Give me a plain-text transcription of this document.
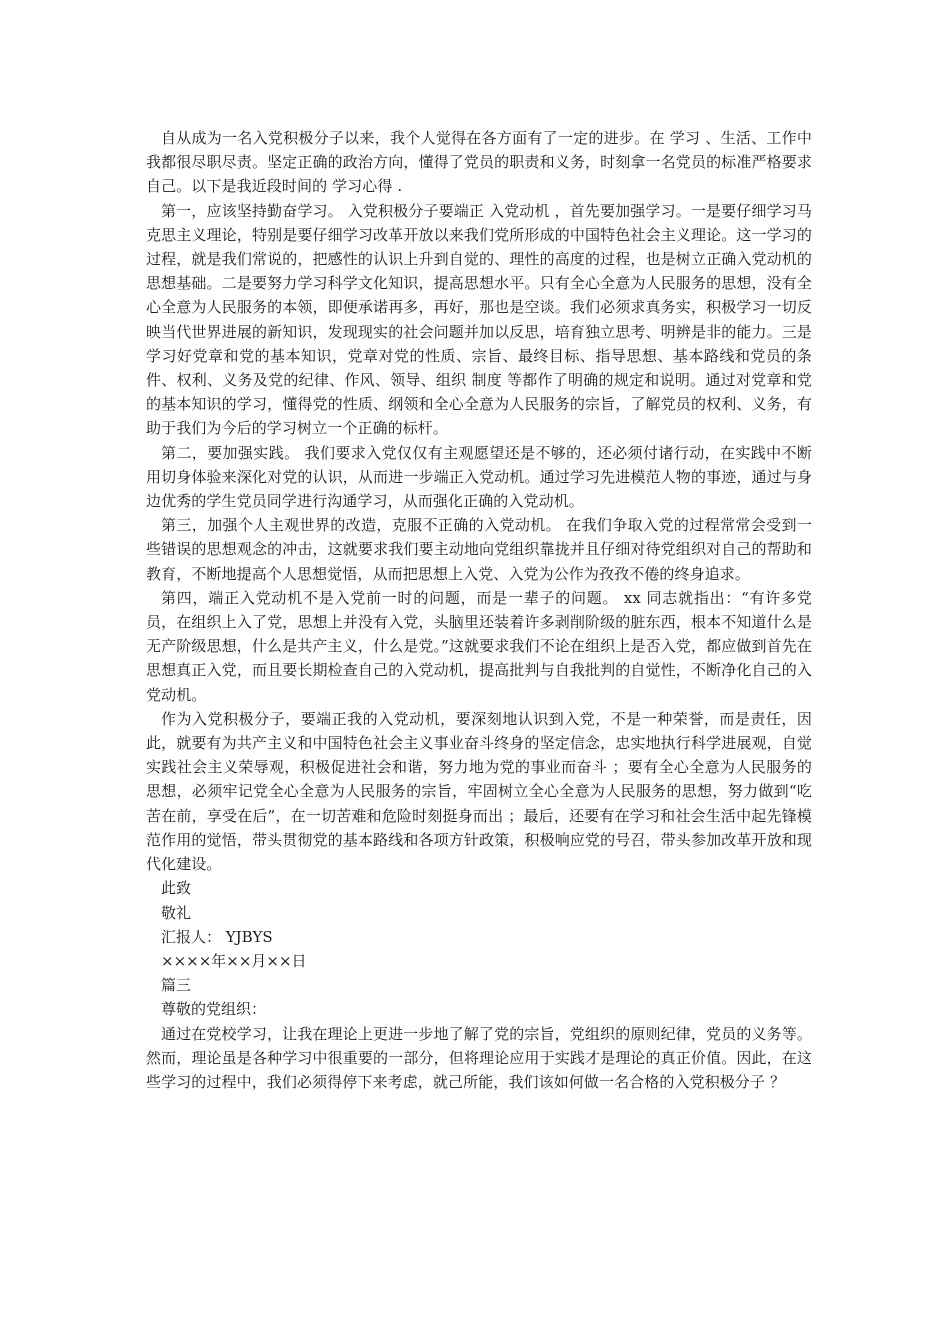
自从成为一名入党积极分子以来，我个人觉得在各方面有了一定的进步。在 学习 、生活、工作中我都很尽职尽责。坚定正确的政治方向，懂得了党员的职责和义务，时刻拿一名党员的标准严格要求自己。以下是我近段时间的 学习心得 .

第一，应该坚持勤奋学习。 入党积极分子要端正 入党动机 ，首先要加强学习。一是要仔细学习马克思主义理论，特别是要仔细学习改革开放以来我们党所形成的中国特色社会主义理论。这一学习的过程，就是我们常说的，把感性的认识上升到自觉的、理性的高度的过程，也是树立正确入党动机的思想基础。二是要努力学习科学文化知识，提高思想水平。只有全心全意为人民服务的思想，没有全心全意为人民服务的本领，即便承诺再多，再好，那也是空谈。我们必须求真务实，积极学习一切反映当代世界进展的新知识，发现现实的社会问题并加以反思，培育独立思考、明辨是非的能力。三是学习好党章和党的基本知识，党章对党的性质、宗旨、最终目标、指导思想、基本路线和党员的条件、权利、义务及党的纪律、作风、领导、组织 制度 等都作了明确的规定和说明。通过对党章和党的基本知识的学习，懂得党的性质、纲领和全心全意为人民服务的宗旨，了解党员的权利、义务，有助于我们为今后的学习树立一个正确的标杆。

第二，要加强实践。 我们要求入党仅仅有主观愿望还是不够的，还必须付诸行动，在实践中不断用切身体验来深化对党的认识，从而进一步端正入党动机。通过学习先进模范人物的事迹，通过与身边优秀的学生党员同学进行沟通学习，从而强化正确的入党动机。

第三，加强个人主观世界的改造，克服不正确的入党动机。 在我们争取入党的过程常常会受到一些错误的思想观念的冲击，这就要求我们要主动地向党组织靠拢并且仔细对待党组织对自己的帮助和教育，不断地提高个人思想觉悟，从而把思想上入党、入党为公作为孜孜不倦的终身追求。

第四，端正入党动机不是入党前一时的问题，而是一辈子的问题。 xx 同志就指出：“有许多党员，在组织上入了党，思想上并没有入党，头脑里还装着许多剥削阶级的脏东西，根本不知道什么是无产阶级思想，什么是共产主义，什么是党。”这就要求我们不论在组织上是否入党，都应做到首先在思想真正入党，而且要长期检查自己的入党动机，提高批判与自我批判的自觉性，不断净化自己的入党动机。

作为入党积极分子，要端正我的入党动机，要深刻地认识到入党，不是一种荣誉，而是责任，因此，就要有为共产主义和中国特色社会主义事业奋斗终身的坚定信念，忠实地执行科学进展观，自觉实践社会主义荣辱观，积极促进社会和谐，努力地为党的事业而奋斗 ；要有全心全意为人民服务的思想，必须牢记党全心全意为人民服务的宗旨，牢固树立全心全意为人民服务的思想，努力做到“吃苦在前，享受在后”，在一切苦难和危险时刻挺身而出 ；最后，还要有在学习和社会生活中起先锋模范作用的觉悟，带头贯彻党的基本路线和各项方针政策，积极响应党的号召，带头参加改革开放和现代化建设。

此致

敬礼

汇报人： YJBYS

××××年××月××日

篇三

尊敬的党组织：

通过在党校学习，让我在理论上更进一步地了解了党的宗旨，党组织的原则纪律，党员的义务等。然而，理论虽是各种学习中很重要的一部分，但将理论应用于实践才是理论的真正价值。因此，在这些学习的过程中，我们必须得停下来考虑，就己所能，我们该如何做一名合格的入党积极分子 ？
